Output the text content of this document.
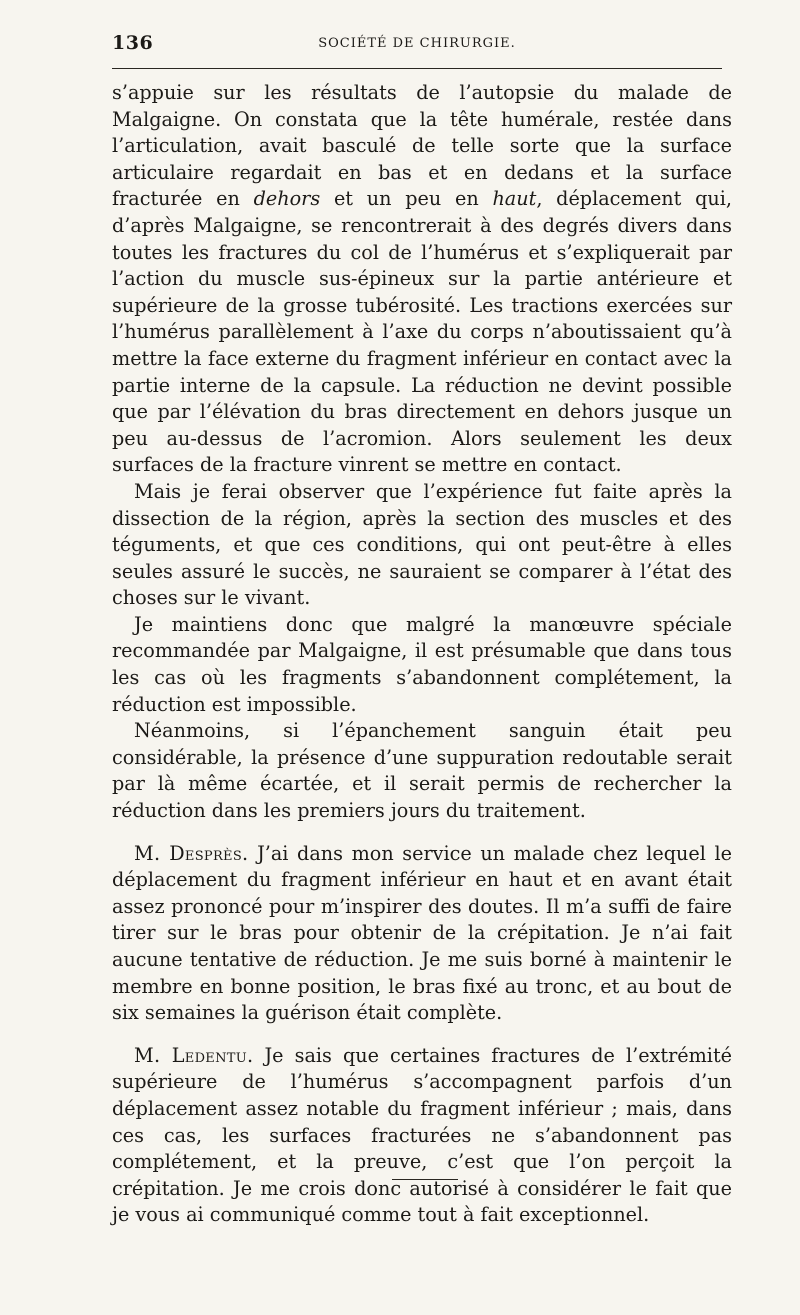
136	SOCIÉTÉ DE CHIRURGIE.

s’appuie sur les résultats de l’autopsie du malade de Malgaigne. On constata que la tête humérale, restée dans l’articulation, avait basculé de telle sorte que la surface articulaire regardait en bas et en dedans et la surface fracturée en dehors et un peu en haut, déplacement qui, d’après Malgaigne, se rencontrerait à des degrés divers dans toutes les fractures du col de l’humérus et s’expliquerait par l’action du muscle sus-épineux sur la partie antérieure et supérieure de la grosse tubérosité. Les tractions exercées sur l’humérus parallèlement à l’axe du corps n’aboutissaient qu’à mettre la face externe du fragment inférieur en contact avec la partie interne de la capsule. La réduction ne devint possible que par l’élévation du bras directement en dehors jusque un peu au-dessus de l’acromion. Alors seulement les deux surfaces de la fracture vinrent se mettre en contact.

Mais je ferai observer que l’expérience fut faite après la dissection de la région, après la section des muscles et des téguments, et que ces conditions, qui ont peut-être à elles seules assuré le succès, ne sauraient se comparer à l’état des choses sur le vivant.

Je maintiens donc que malgré la manœuvre spéciale recommandée par Malgaigne, il est présumable que dans tous les cas où les fragments s’abandonnent complétement, la réduction est impossible.

Néanmoins, si l’épanchement sanguin était peu considérable, la présence d’une suppuration redoutable serait par là même écartée, et il serait permis de rechercher la réduction dans les premiers jours du traitement.

M. Desprès. J’ai dans mon service un malade chez lequel le déplacement du fragment inférieur en haut et en avant était assez prononcé pour m’inspirer des doutes. Il m’a suffi de faire tirer sur le bras pour obtenir de la crépitation. Je n’ai fait aucune tentative de réduction. Je me suis borné à maintenir le membre en bonne position, le bras fixé au tronc, et au bout de six semaines la guérison était complète.

M. Ledentu. Je sais que certaines fractures de l’extrémité supérieure de l’humérus s’accompagnent parfois d’un déplacement assez notable du fragment inférieur ; mais, dans ces cas, les surfaces fracturées ne s’abandonnent pas complétement, et la preuve, c’est que l’on perçoit la crépitation. Je me crois donc autorisé à considérer le fait que je vous ai communiqué comme tout à fait exceptionnel.
